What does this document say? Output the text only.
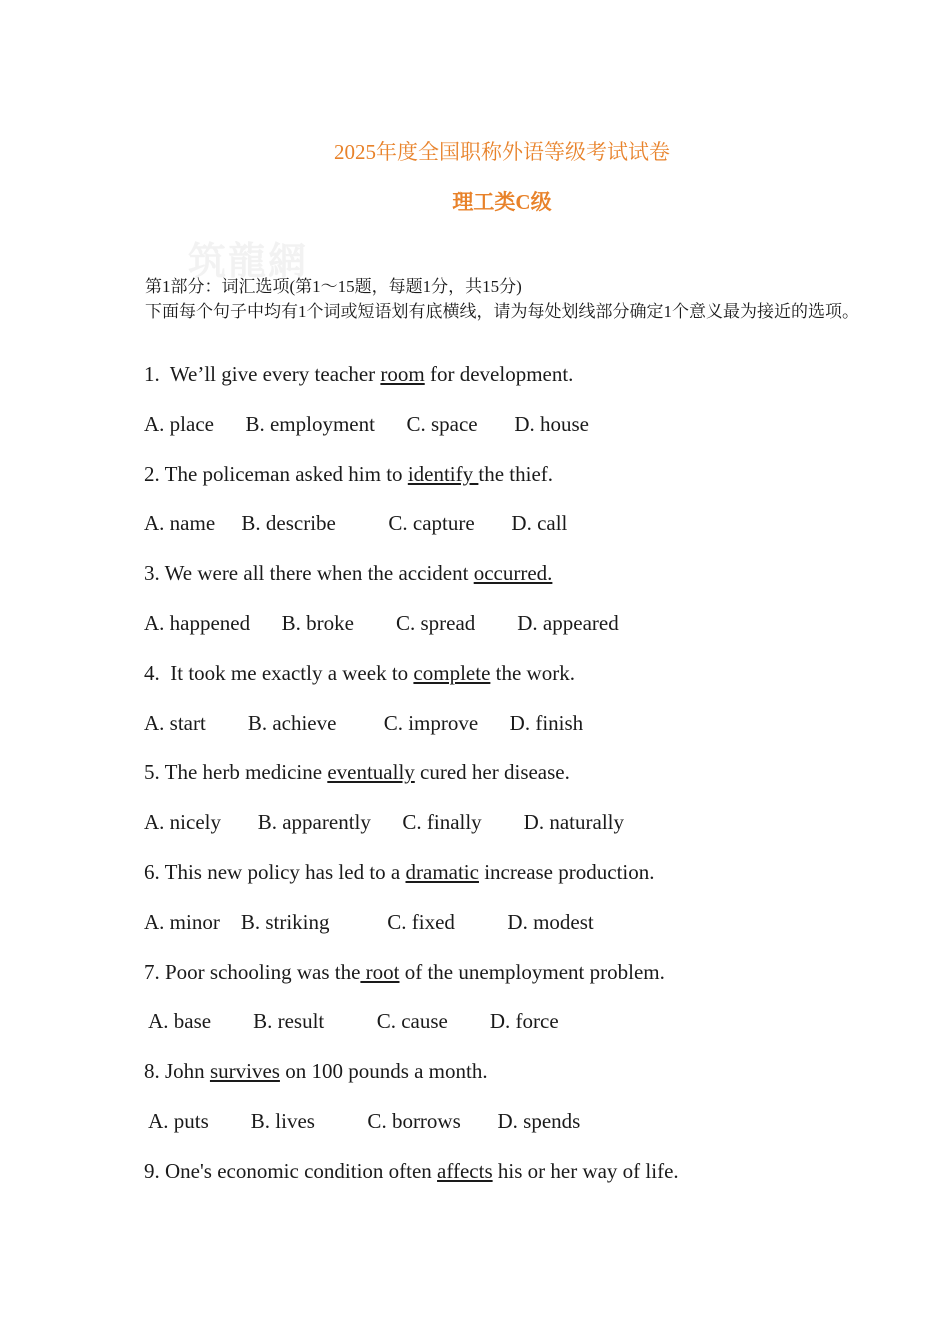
2025年度全国职称外语等级考试试卷
理工类C级
筑龍網

第1部分：词汇选项(第1～15题，每题1分，共15分)

下面每个句子中均有1个词或短语划有底横线，请为每处划线部分确定1个意义最为接近的选项。

1.  We’ll give every teacher room for development.
A. place      B. employment      C. space       D. house
2. The policeman asked him to identify the thief.
A. name     B. describe          C. capture       D. call
3. We were all there when the accident occurred.
A. happened      B. broke        C. spread        D. appeared
4.  It took me exactly a week to complete the work.
A. start        B. achieve         C. improve      D. finish
5. The herb medicine eventually cured her disease.
A. nicely       B. apparently      C. finally        D. naturally
6. This new policy has led to a dramatic increase production.
A. minor    B. striking           C. fixed          D. modest
7. Poor schooling was the root of the unemployment problem.
A. base        B. result          C. cause        D. force
8. John survives on 100 pounds a month.
A. puts        B. lives          C. borrows       D. spends
9. One's economic condition often affects his or her way of life.
